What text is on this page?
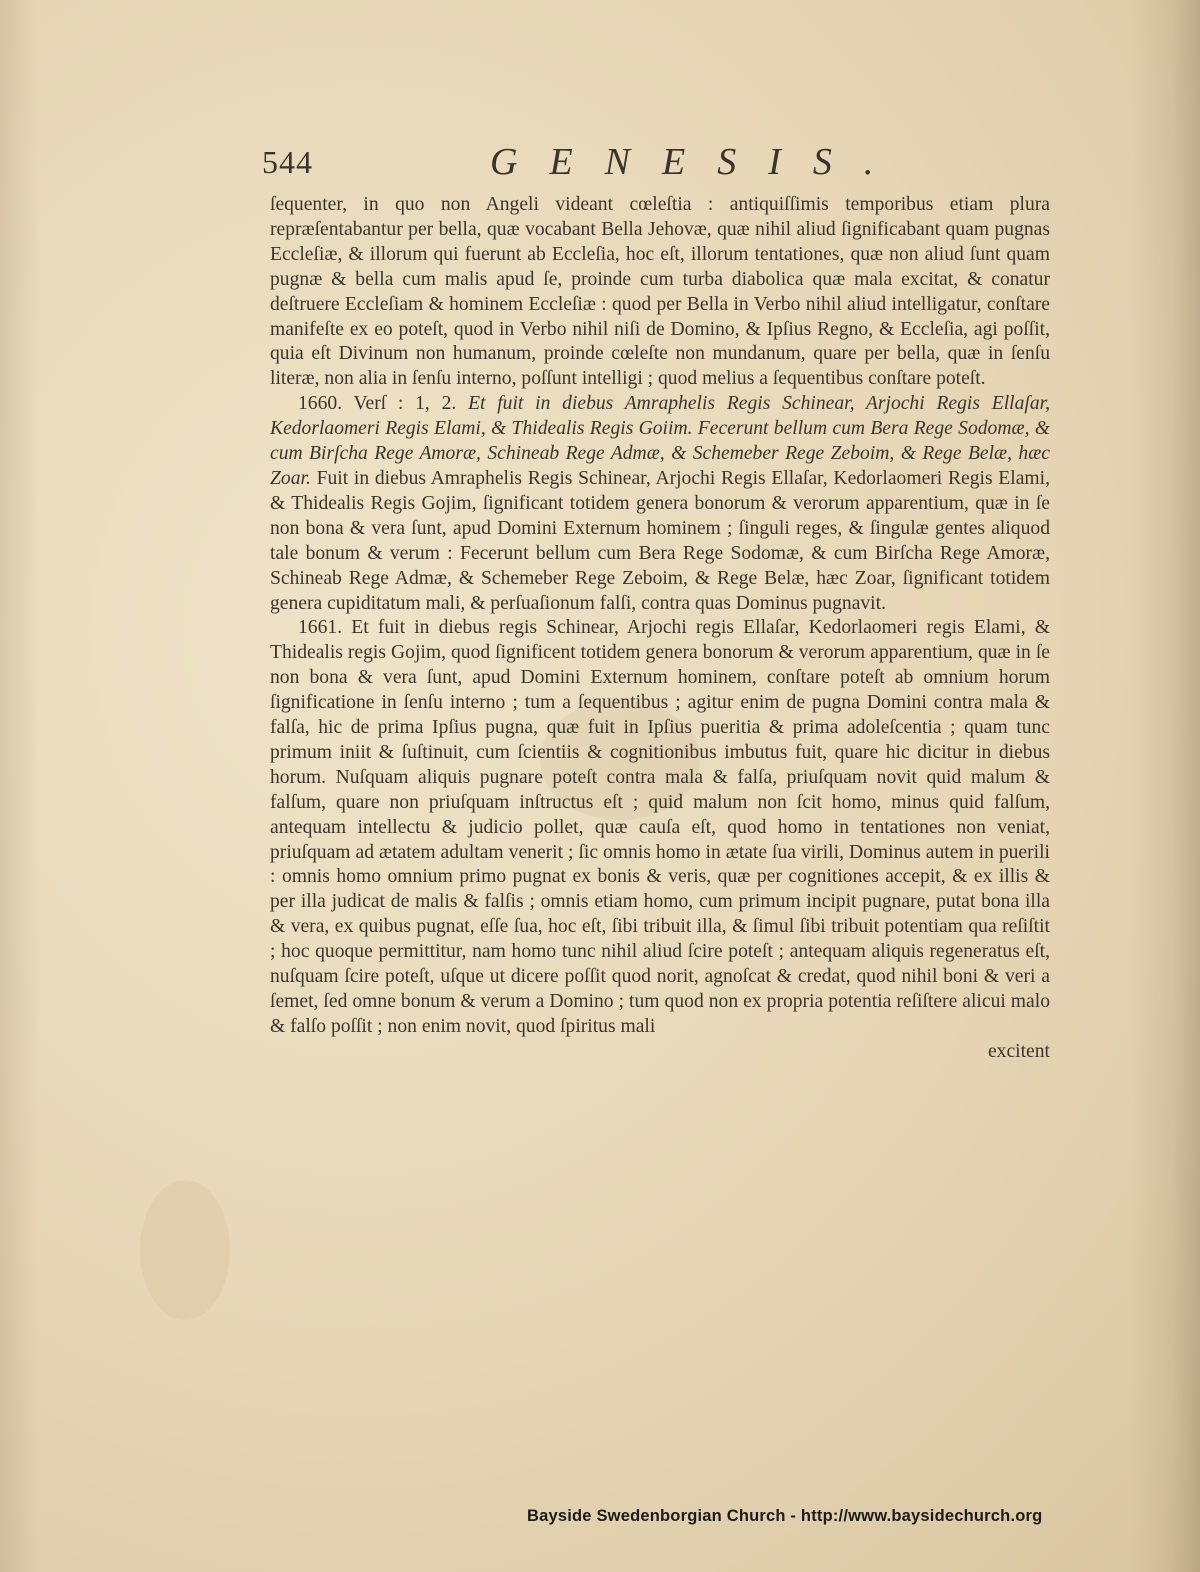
544	GENESIS.

ſequenter, in quo non Angeli videant cœleſtia : antiquiſſimis temporibus etiam plura repræſentabantur per bella, quæ vocabant Bella Jehovæ, quæ nihil aliud ſignificabant quam pugnas Eccleſiæ, & illorum qui fuerunt ab Eccleſia, hoc eſt, illorum tentationes, quæ non aliud ſunt quam pugnæ & bella cum malis apud ſe, proinde cum turba diabolica quæ mala excitat, & conatur deſtruere Eccleſiam & hominem Eccleſiæ : quod per Bella in Verbo nihil aliud intelligatur, conſtare manifeſte ex eo poteſt, quod in Verbo nihil niſi de Domino, & Ipſius Regno, & Eccleſia, agi poſſit, quia eſt Divinum non humanum, proinde cœleſte non mundanum, quare per bella, quæ in ſenſu literæ, non alia in ſenſu interno, poſſunt intelligi ; quod melius a ſequentibus conſtare poteſt.

1660. Verſ : 1, 2. Et fuit in diebus Amraphelis Regis Schinear, Arjochi Regis Ellaſar, Kedorlaomeri Regis Elami, & Thidealis Regis Goiim. Fecerunt bellum cum Bera Rege Sodomæ, & cum Birſcha Rege Amoræ, Schineab Rege Admæ, & Schemeber Rege Zeboim, & Rege Belæ, hæc Zoar. Fuit in diebus Amraphelis Regis Schinear, Arjochi Regis Ellaſar, Kedorlaomeri Regis Elami, & Thidealis Regis Gojim, ſignificant totidem genera bonorum & verorum apparentium, quæ in ſe non bona & vera ſunt, apud Domini Externum hominem ; ſinguli reges, & ſingulæ gentes aliquod tale bonum & verum : Fecerunt bellum cum Bera Rege Sodomæ, & cum Birſcha Rege Amoræ, Schineab Rege Admæ, & Schemeber Rege Zeboim, & Rege Belæ, hæc Zoar, ſignificant totidem genera cupiditatum mali, & perſuaſionum falſi, contra quas Dominus pugnavit.

1661. Et fuit in diebus regis Schinear, Arjochi regis Ellaſar, Kedorlaomeri regis Elami, & Thidealis regis Gojim, quod ſignificent totidem genera bonorum & verorum apparentium, quæ in ſe non bona & vera ſunt, apud Domini Externum hominem, conſtare poteſt ab omnium horum ſignificatione in ſenſu interno ; tum a ſequentibus ; agitur enim de pugna Domini contra mala & falſa, hic de prima Ipſius pugna, quæ fuit in Ipſius pueritia & prima adoleſcentia ; quam tunc primum iniit & ſuſtinuit, cum ſcientiis & cognitionibus imbutus fuit, quare hic dicitur in diebus horum. Nuſquam aliquis pugnare poteſt contra mala & falſa, priuſquam novit quid malum & falſum, quare non priuſquam inſtructus eſt ; quid malum non ſcit homo, minus quid falſum, antequam intellectu & judicio pollet, quæ cauſa eſt, quod homo in tentationes non veniat, priuſquam ad ætatem adultam venerit ; ſic omnis homo in ætate ſua virili, Dominus autem in puerili : omnis homo omnium primo pugnat ex bonis & veris, quæ per cognitiones accepit, & ex illis & per illa judicat de malis & falſis ; omnis etiam homo, cum primum incipit pugnare, putat bona illa & vera, ex quibus pugnat, eſſe ſua, hoc eſt, ſibi tribuit illa, & ſimul ſibi tribuit potentiam qua reſiſtit ; hoc quoque permittitur, nam homo tunc nihil aliud ſcire poteſt ; antequam aliquis regeneratus eſt, nuſquam ſcire poteſt, uſque ut dicere poſſit quod norit, agnoſcat & credat, quod nihil boni & veri a ſemet, ſed omne bonum & verum a Domino ; tum quod non ex propria potentia reſiſtere alicui malo & falſo poſſit ; non enim novit, quod ſpiritus mali

excitent
Bayside Swedenborgian Church - http://www.baysidechurch.org
